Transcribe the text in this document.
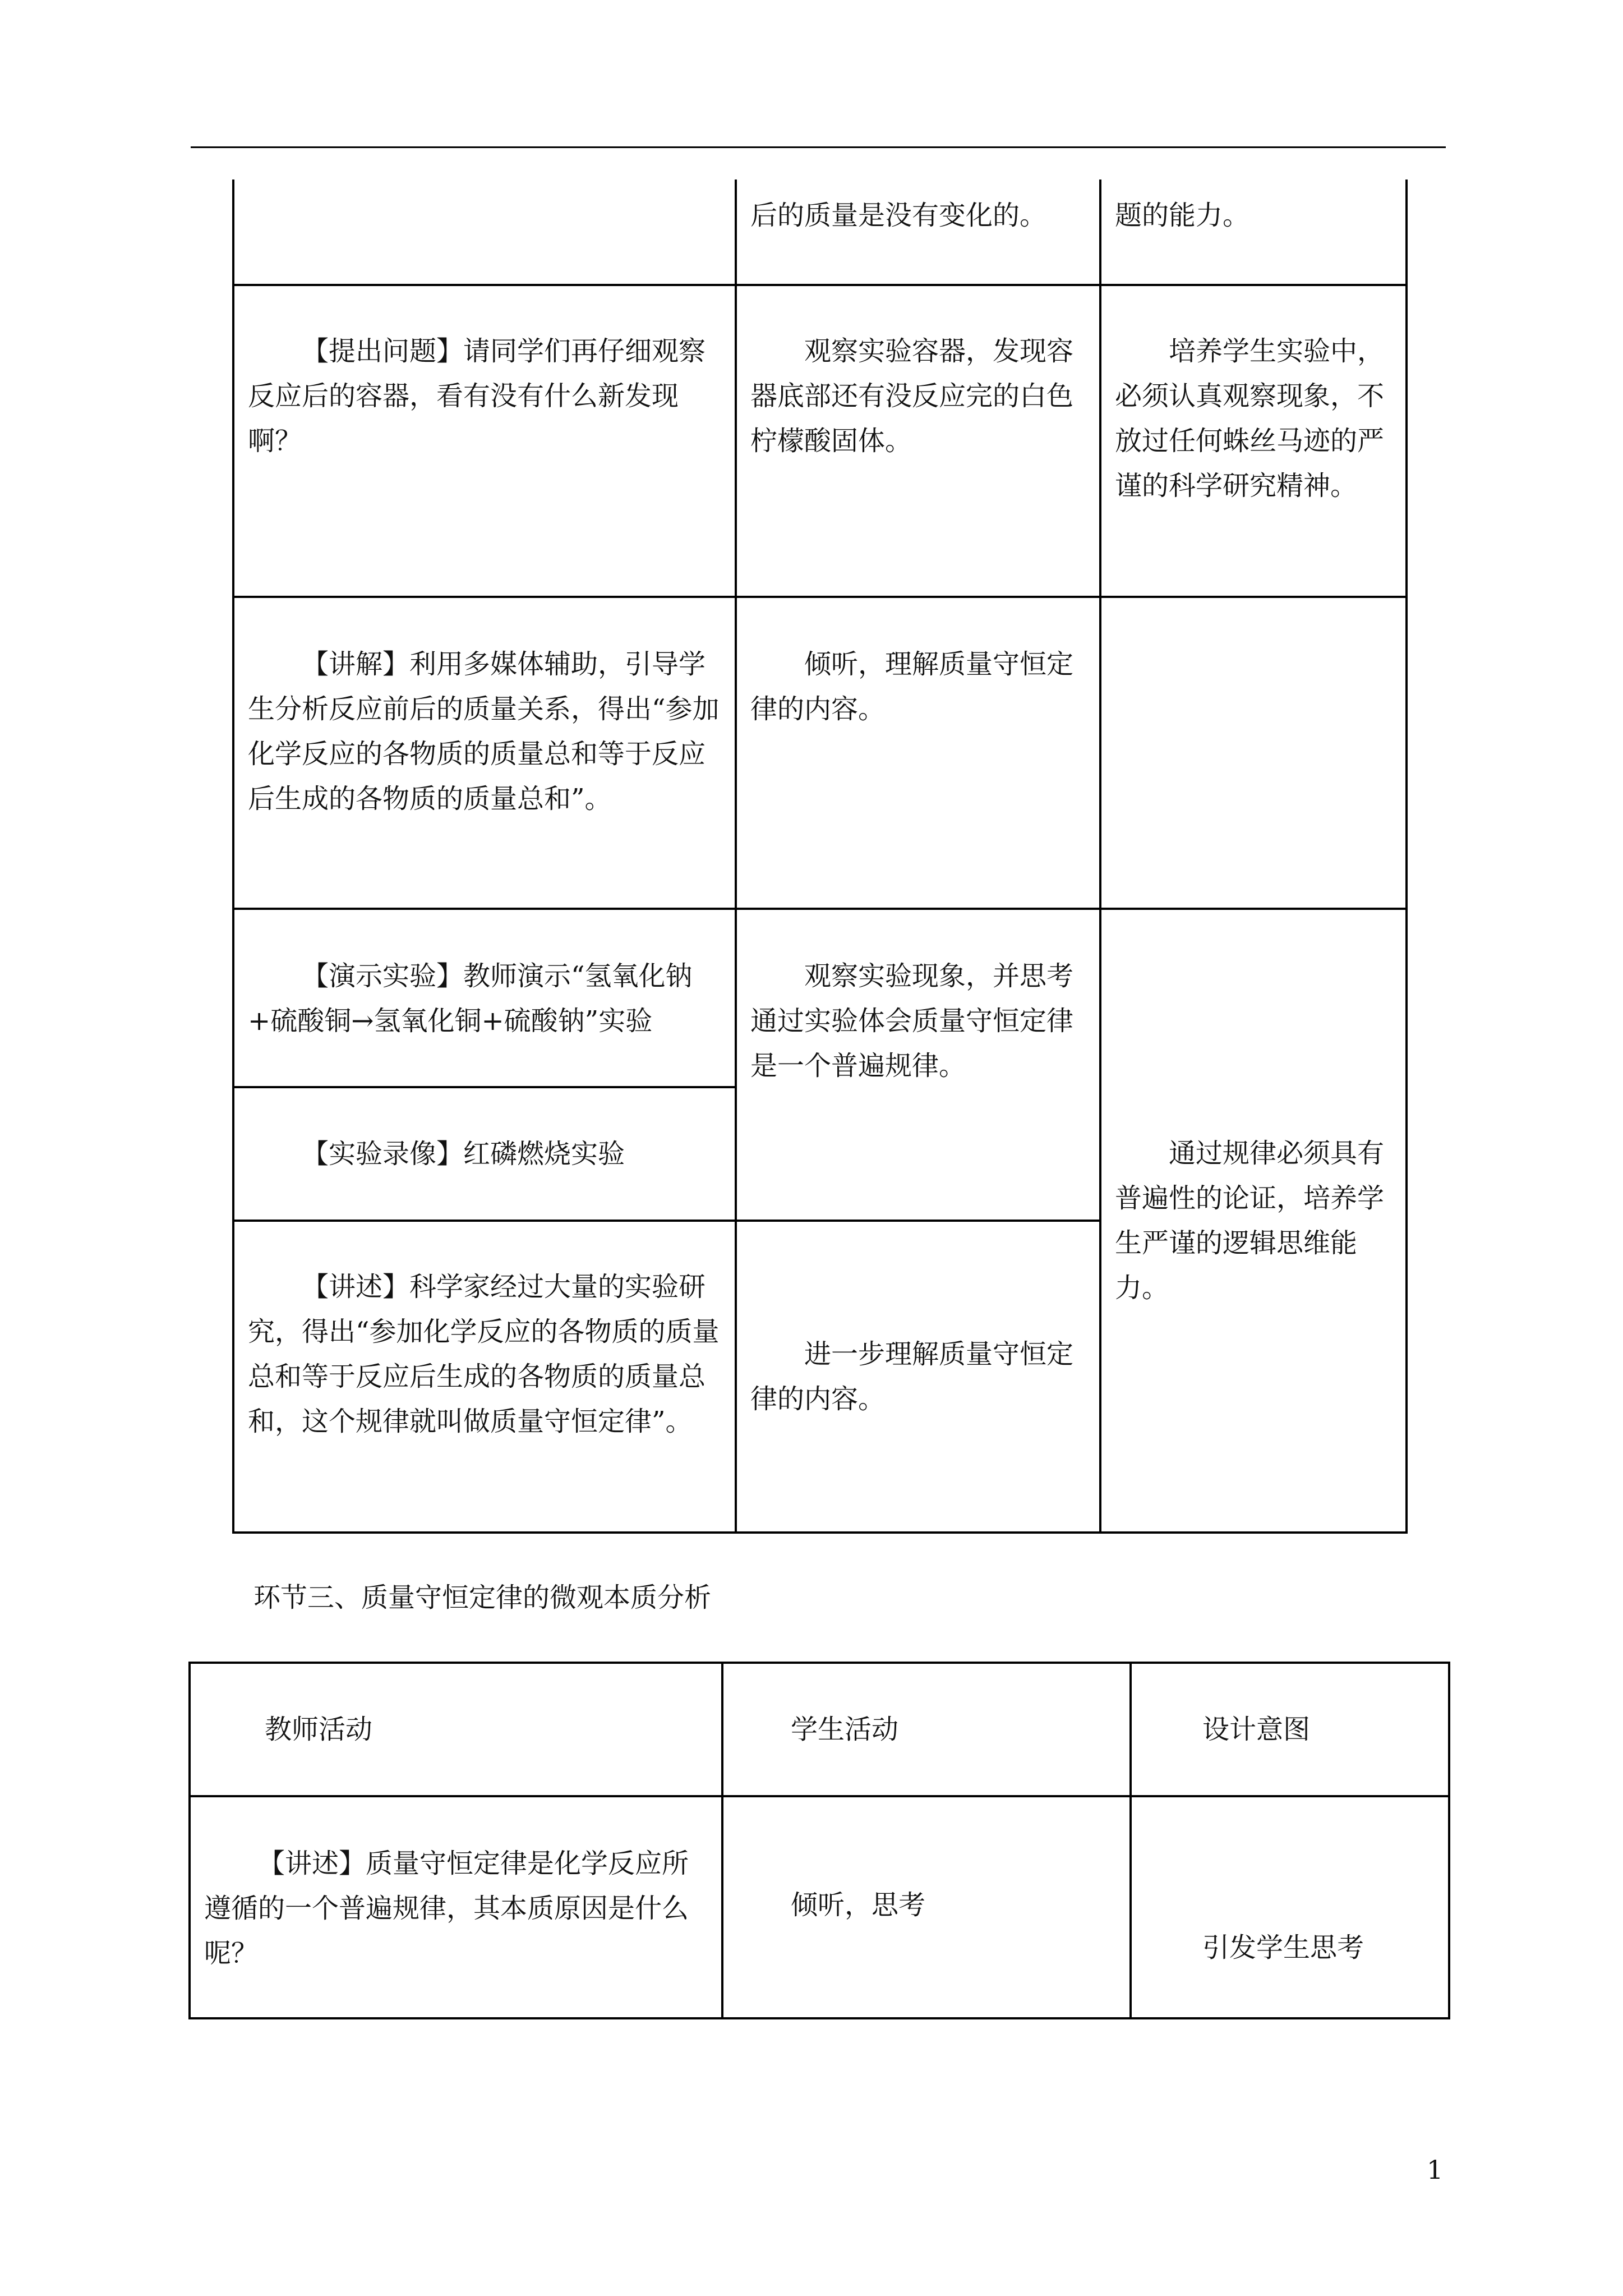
	后的质量是没有变化的。	题的能力。
【提出问题】请同学们再仔细观察反应后的容器，看有没有什么新发现啊？	观察实验容器，发现容器底部还有没反应完的白色柠檬酸固体。	培养学生实验中，必须认真观察现象，不放过任何蛛丝马迹的严谨的科学研究精神。
【讲解】利用多媒体辅助，引导学生分析反应前后的质量关系，得出“参加化学反应的各物质的质量总和等于反应后生成的各物质的质量总和”。	倾听，理解质量守恒定律的内容。	
【演示实验】教师演示“氢氧化钠+硫酸铜→氢氧化铜+硫酸钠”实验	观察实验现象，并思考通过实验体会质量守恒定律是一个普遍规律。	通过规律必须具有普遍性的论证，培养学生严谨的逻辑思维能力。
【实验录像】红磷燃烧实验		
【讲述】科学家经过大量的实验研究，得出“参加化学反应的各物质的质量总和等于反应后生成的各物质的质量总和，这个规律就叫做质量守恒定律”。	进一步理解质量守恒定律的内容。	
环节三、质量守恒定律的微观本质分析
教师活动	学生活动	设计意图
【讲述】质量守恒定律是化学反应所遵循的一个普遍规律，其本质原因是什么呢？	倾听，思考	引发学生思考
1
